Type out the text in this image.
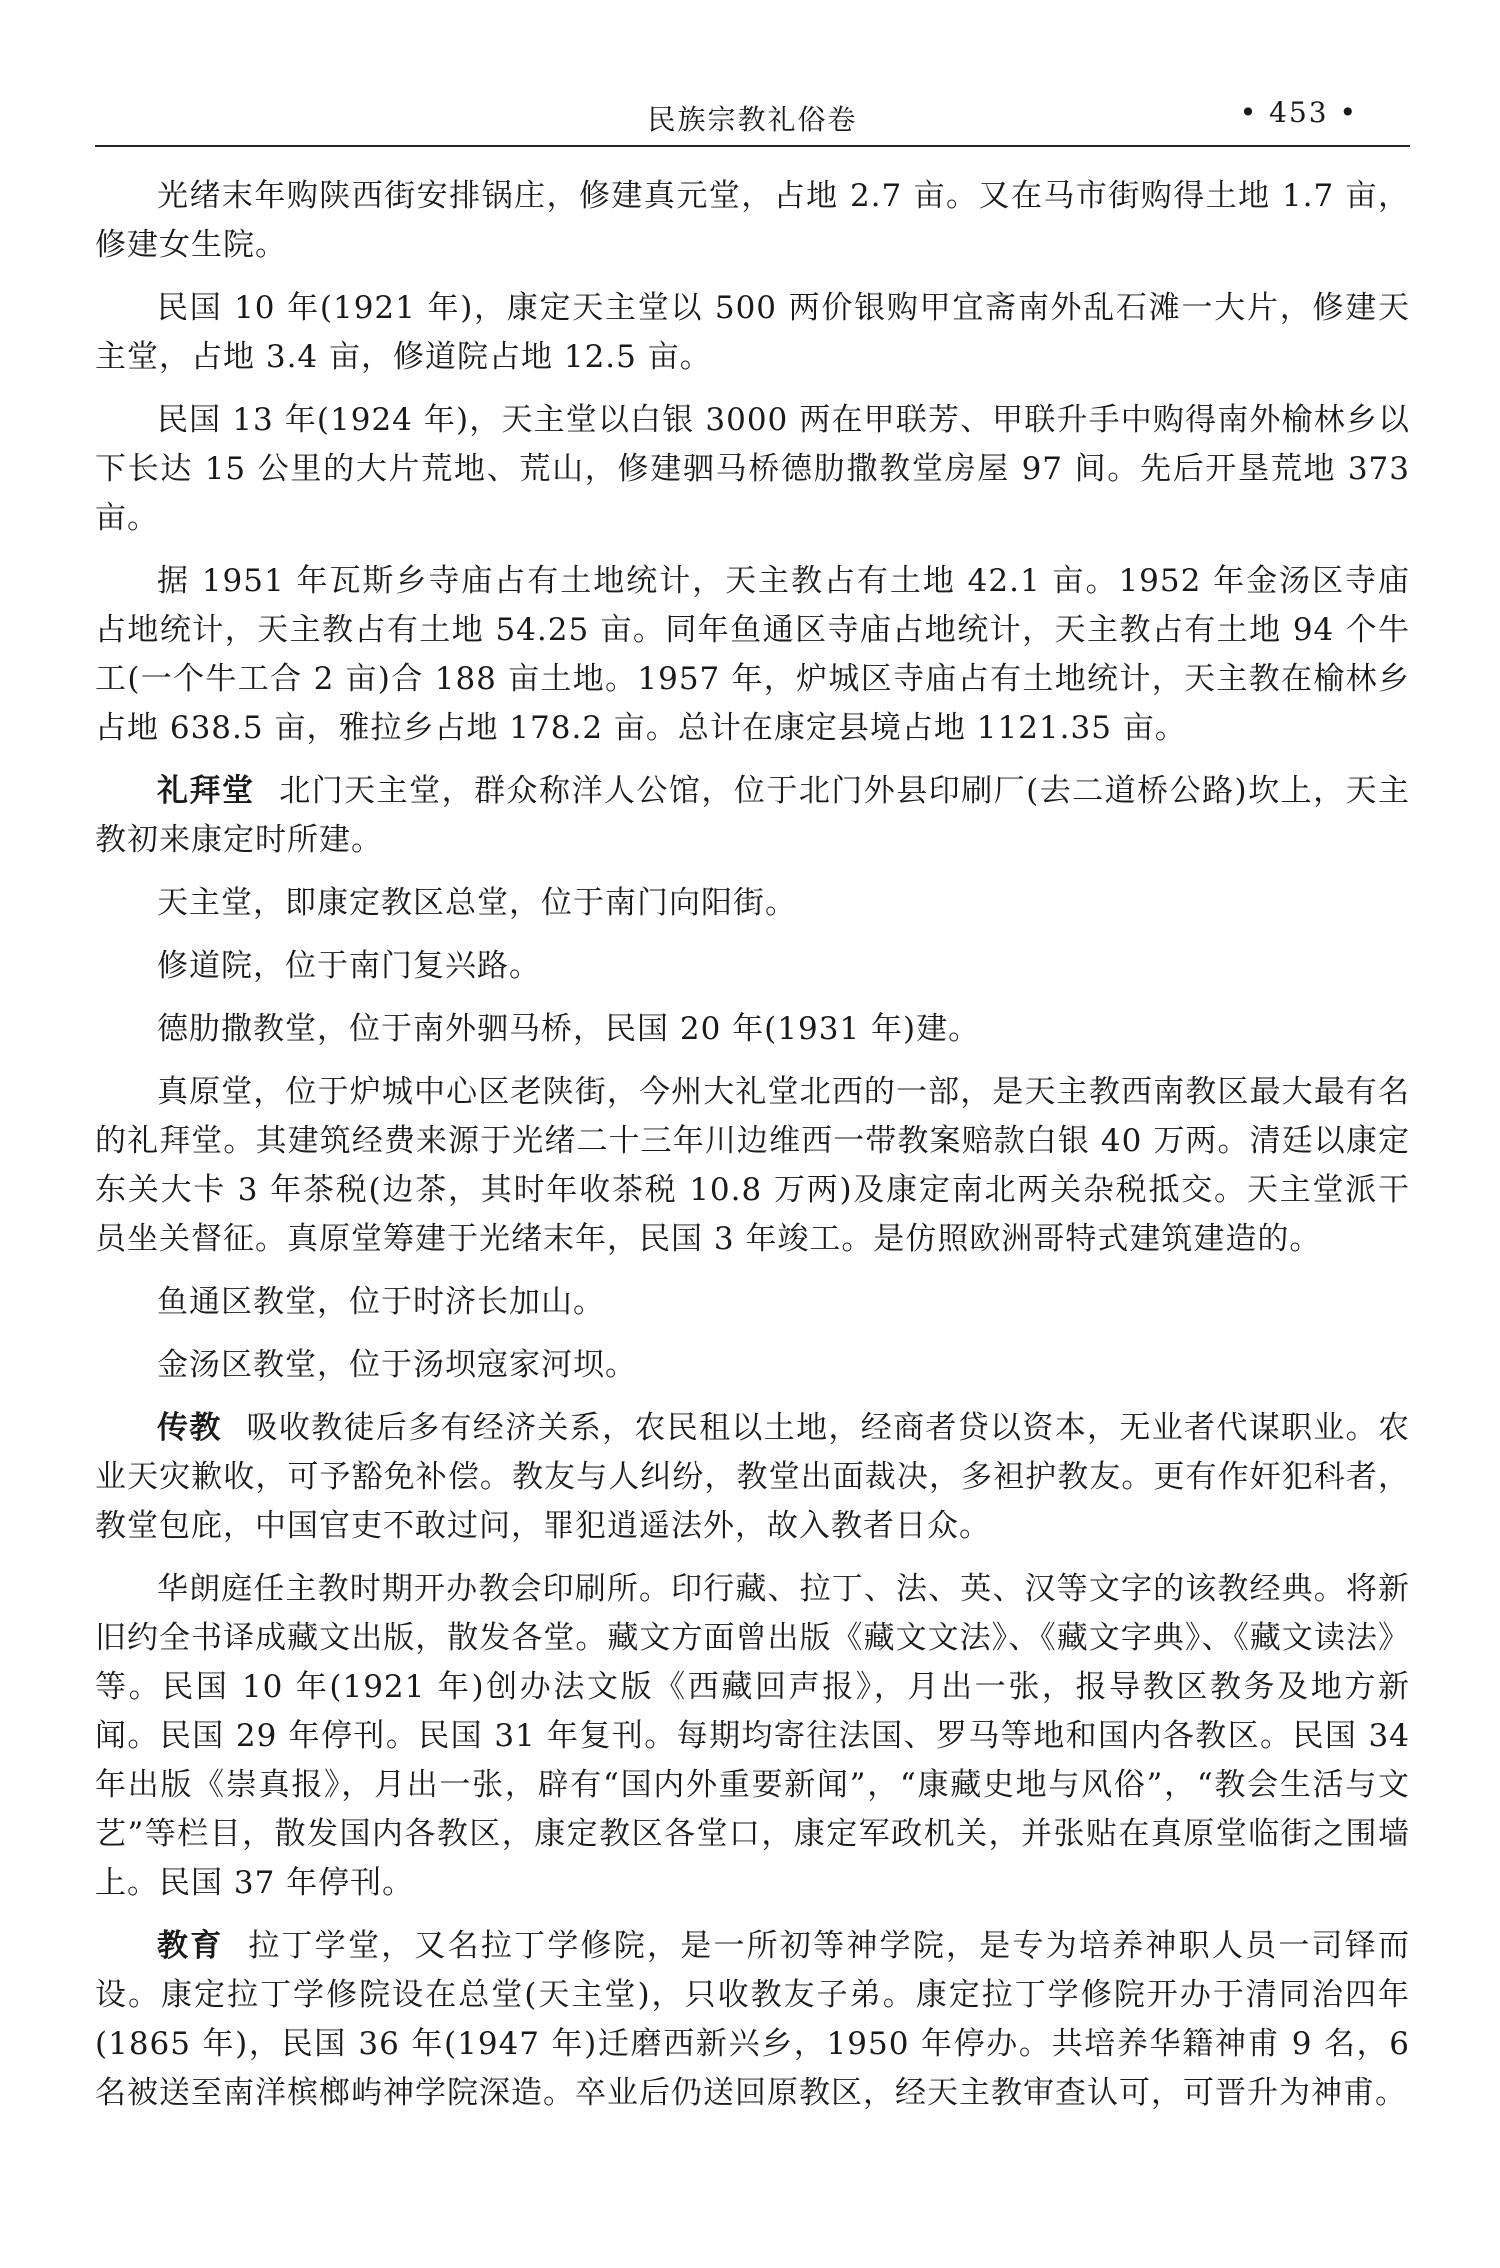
民族宗教礼俗卷	• 453 •

光绪末年购陕西街安排锅庄，修建真元堂，占地 2.7 亩。又在马市街购得土地 1.7 亩，修建女生院。

民国 10 年(1921 年)，康定天主堂以 500 两价银购甲宜斋南外乱石滩一大片，修建天主堂，占地 3.4 亩，修道院占地 12.5 亩。

民国 13 年(1924 年)，天主堂以白银 3000 两在甲联芳、甲联升手中购得南外榆林乡以下长达 15 公里的大片荒地、荒山，修建驷马桥德肋撒教堂房屋 97 间。先后开垦荒地 373 亩。

据 1951 年瓦斯乡寺庙占有土地统计，天主教占有土地 42.1 亩。1952 年金汤区寺庙占地统计，天主教占有土地 54.25 亩。同年鱼通区寺庙占地统计，天主教占有土地 94 个牛工(一个牛工合 2 亩)合 188 亩土地。1957 年，炉城区寺庙占有土地统计，天主教在榆林乡占地 638.5 亩，雅拉乡占地 178.2 亩。总计在康定县境占地 1121.35 亩。

礼拜堂 北门天主堂，群众称洋人公馆，位于北门外县印刷厂(去二道桥公路)坎上，天主教初来康定时所建。

天主堂，即康定教区总堂，位于南门向阳街。

修道院，位于南门复兴路。

德肋撒教堂，位于南外驷马桥，民国 20 年(1931 年)建。

真原堂，位于炉城中心区老陕街，今州大礼堂北西的一部，是天主教西南教区最大最有名的礼拜堂。其建筑经费来源于光绪二十三年川边维西一带教案赔款白银 40 万两。清廷以康定东关大卡 3 年茶税(边茶，其时年收茶税 10.8 万两)及康定南北两关杂税抵交。天主堂派干员坐关督征。真原堂筹建于光绪末年，民国 3 年竣工。是仿照欧洲哥特式建筑建造的。

鱼通区教堂，位于时济长加山。

金汤区教堂，位于汤坝寇家河坝。

传教 吸收教徒后多有经济关系，农民租以土地，经商者贷以资本，无业者代谋职业。农业天灾歉收，可予豁免补偿。教友与人纠纷，教堂出面裁决，多袒护教友。更有作奸犯科者，教堂包庇，中国官吏不敢过问，罪犯逍遥法外，故入教者日众。

华朗庭任主教时期开办教会印刷所。印行藏、拉丁、法、英、汉等文字的该教经典。将新旧约全书译成藏文出版，散发各堂。藏文方面曾出版《藏文文法》、《藏文字典》、《藏文读法》等。民国 10 年(1921 年)创办法文版《西藏回声报》，月出一张，报导教区教务及地方新闻。民国 29 年停刊。民国 31 年复刊。每期均寄往法国、罗马等地和国内各教区。民国 34 年出版《崇真报》，月出一张，辟有“国内外重要新闻”，“康藏史地与风俗”，“教会生活与文艺”等栏目，散发国内各教区，康定教区各堂口，康定军政机关，并张贴在真原堂临街之围墙上。民国 37 年停刊。

教育 拉丁学堂，又名拉丁学修院，是一所初等神学院，是专为培养神职人员一司铎而设。康定拉丁学修院设在总堂(天主堂)，只收教友子弟。康定拉丁学修院开办于清同治四年(1865 年)，民国 36 年(1947 年)迁磨西新兴乡，1950 年停办。共培养华籍神甫 9 名，6 名被送至南洋槟榔屿神学院深造。卒业后仍送回原教区，经天主教审查认可，可晋升为神甫。
